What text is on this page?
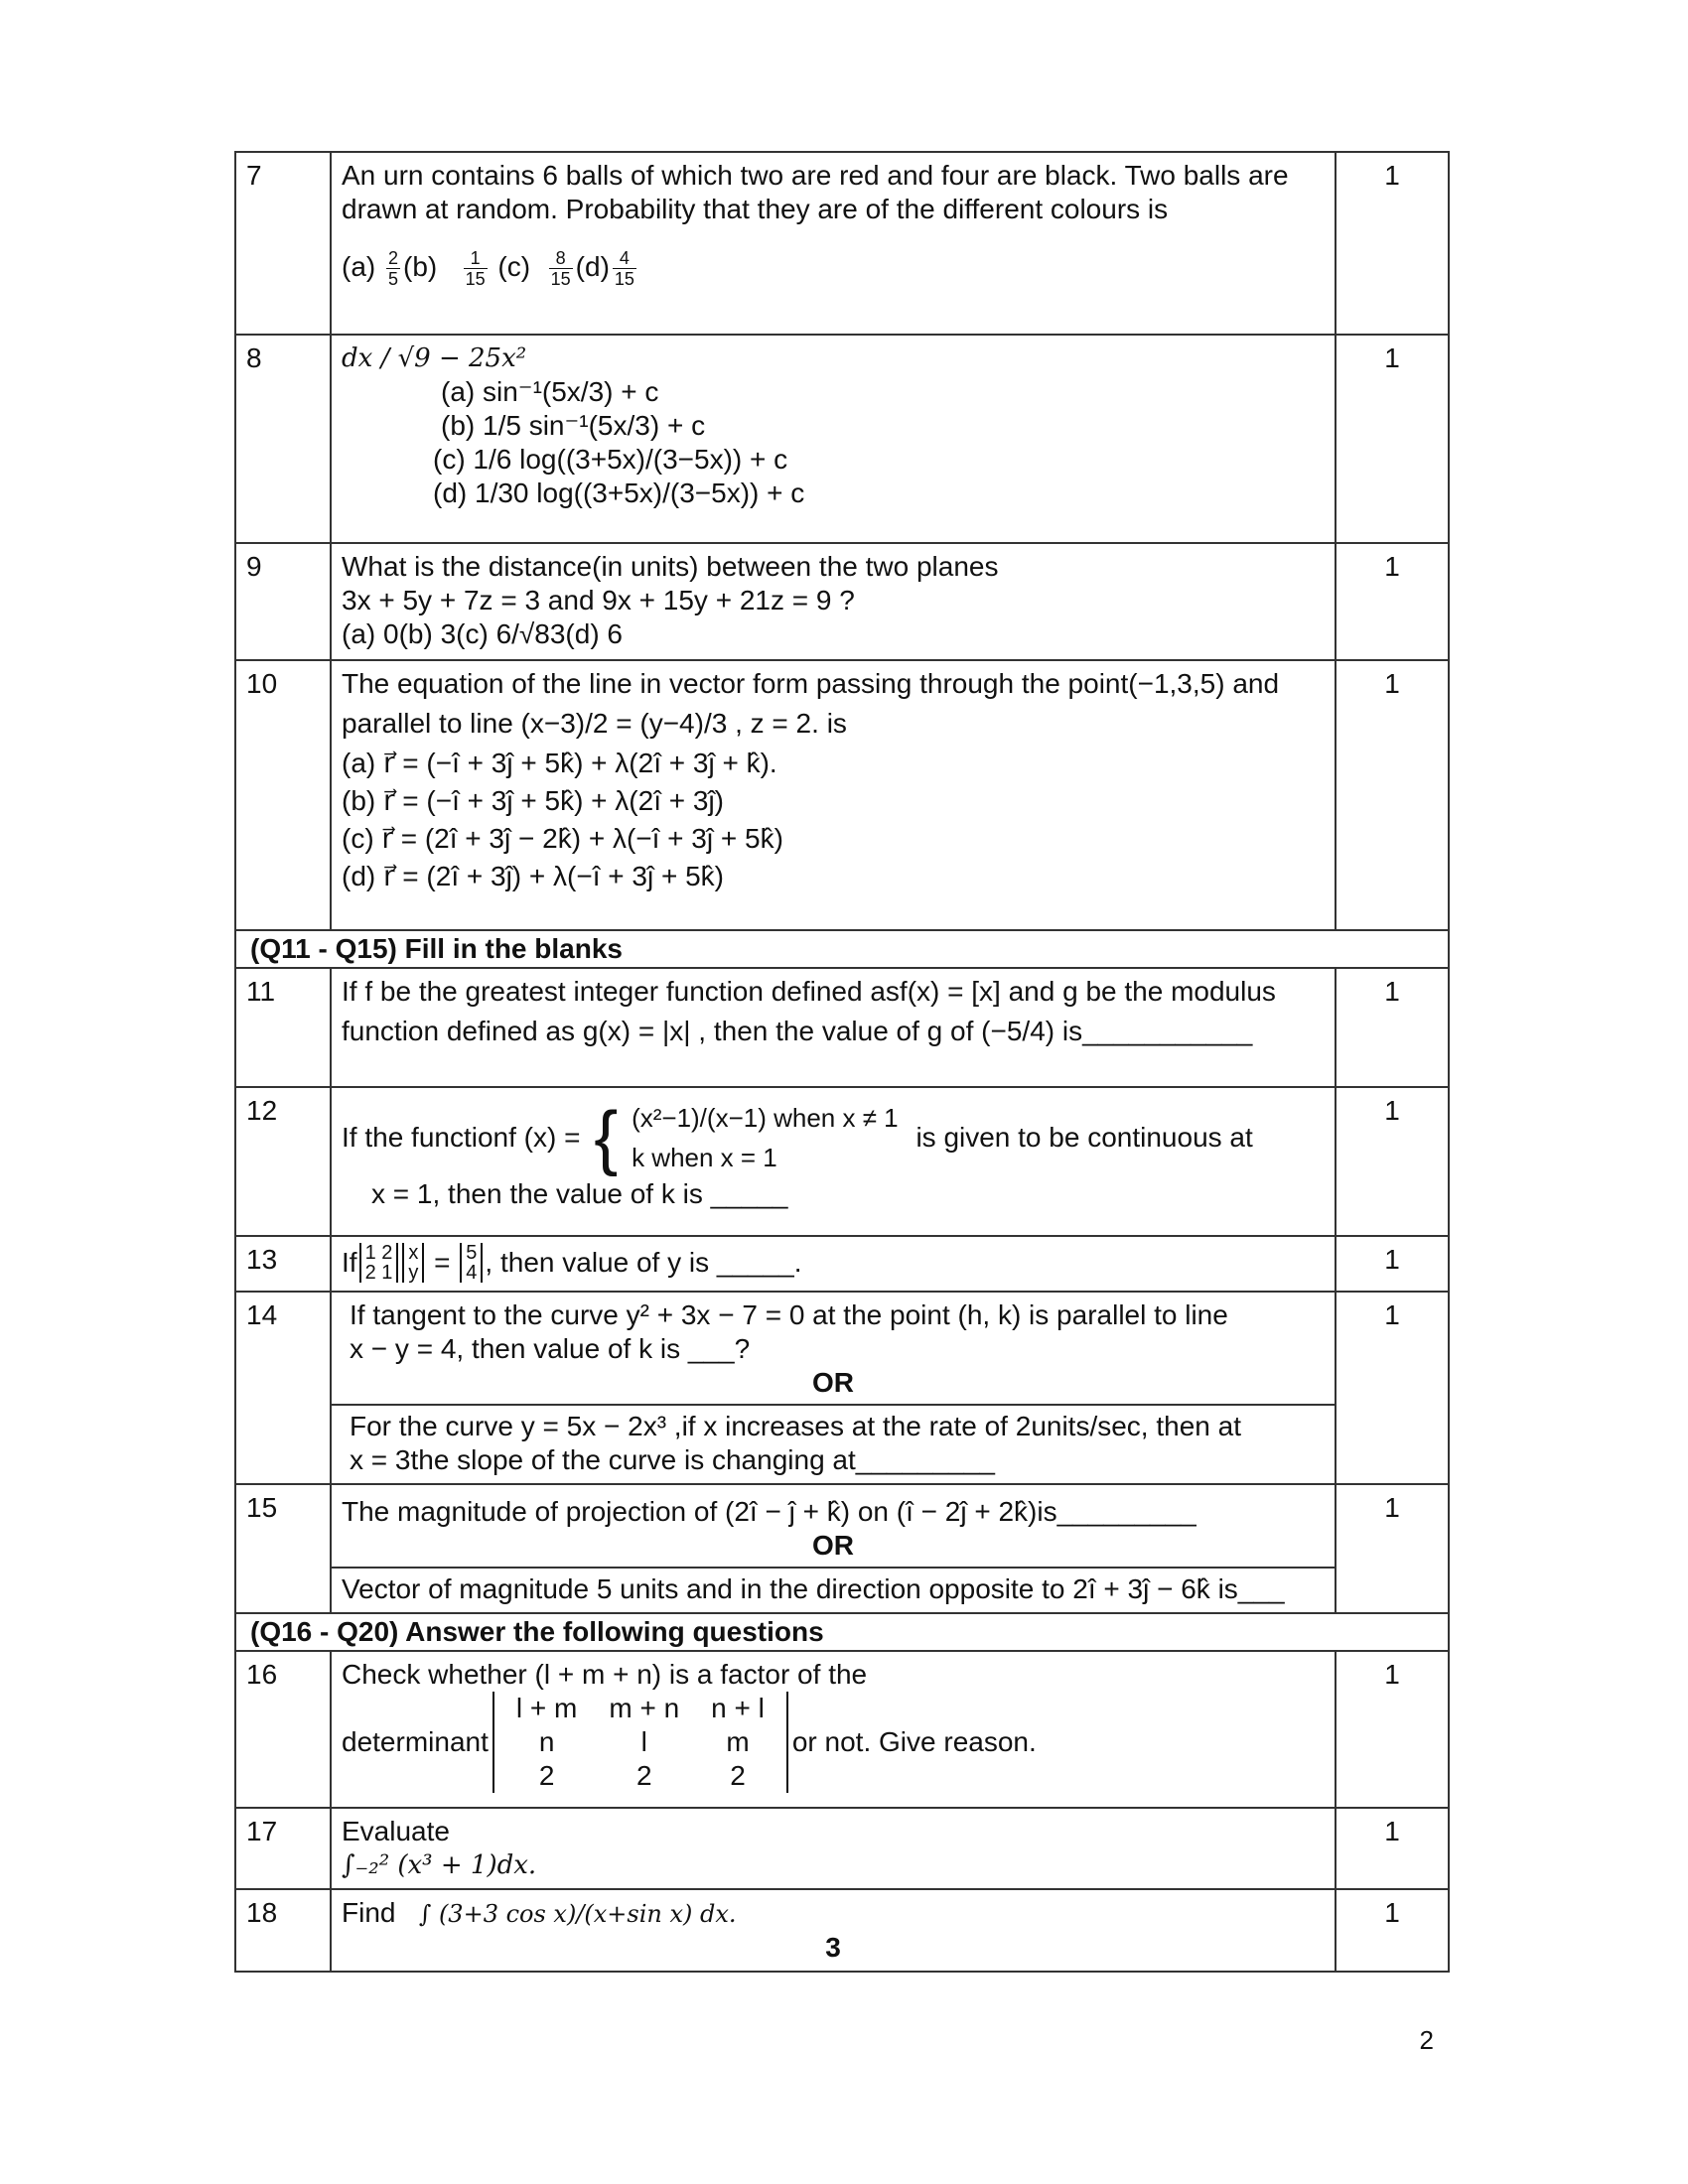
7	An urn contains 6 balls of which two are red and four are black. Two balls are drawn at random. Probability that they are of the different colours is
$(a) \frac{2}{5} (b) \frac{1}{15} (c) \frac{8}{15} (d) \frac{4}{15}$
	1
8	dx / √9 − 25x²
(a) sin⁻¹(5x/3) + c
(b) 1/5 sin⁻¹(5x/3) + c
(c) 1/6 log((3+5x)/(3−5x)) + c
(d) 1/30 log((3+5x)/(3−5x)) + c
	1
9	What is the distance(in units) between the two planes
3x + 5y + 7z = 3 and 9x + 15y + 21z = 9 ?
(a) 0(b) 3(c) 6/√83(d) 6
	1
10	The equation of the line in vector form passing through the point(−1,3,5) and
parallel to line (x−3)/2 = (y−4)/3 , z = 2. is
(a) r⃗ = (−î + 3ĵ + 5k̂) + λ(2î + 3ĵ + k̂).
(b) r⃗ = (−î + 3ĵ + 5k̂) + λ(2î + 3ĵ)
(c) r⃗ = (2î + 3ĵ − 2k̂) + λ(−î + 3ĵ + 5k̂)
(d) r⃗ = (2î + 3ĵ) + λ(−î + 3ĵ + 5k̂)
	1
(Q11 - Q15) Fill in the blanks
11	If f be the greatest integer function defined asf(x) = [x] and g be the modulus
function defined as g(x) = |x| , then the value of g of (−5/4) is___________
	1
12	
If the functionf (x) = { (x²−1)/(x−1) when x ≠ 1
k when x = 1
is given to be continuous at
x = 1, then the value of k is _____
	1
13	If 1 2
2 1
x
y = 5
4 , then value of y is _____.	1
14	If tangent to the curve y² + 3x − 7 = 0 at the point (h, k) is parallel to line
x − y = 4, then value of k is ___?
OR
For the curve y = 5x − 2x³ ,if x increases at the rate of 2units/sec, then at
x = 3the slope of the curve is changing at_________
	1
15	The magnitude of projection of (2î − ĵ + k̂) on (î − 2ĵ + 2k̂)is_________
OR
Vector of magnitude 5 units and in the direction opposite to 2î + 3ĵ − 6k̂ is___
	1
(Q16 - Q20) Answer the following questions
16	Check whether (l + m + n) is a factor of the
determinant
l + m	m + n	n + l
n	l	m
2	2	2
or not. Give reason.
	1
17	Evaluate
∫₋₂² (x³ + 1)dx.
	1
18	Find ∫ (3+3 cos x)/(x+sin x) dx.
3
	1
2
